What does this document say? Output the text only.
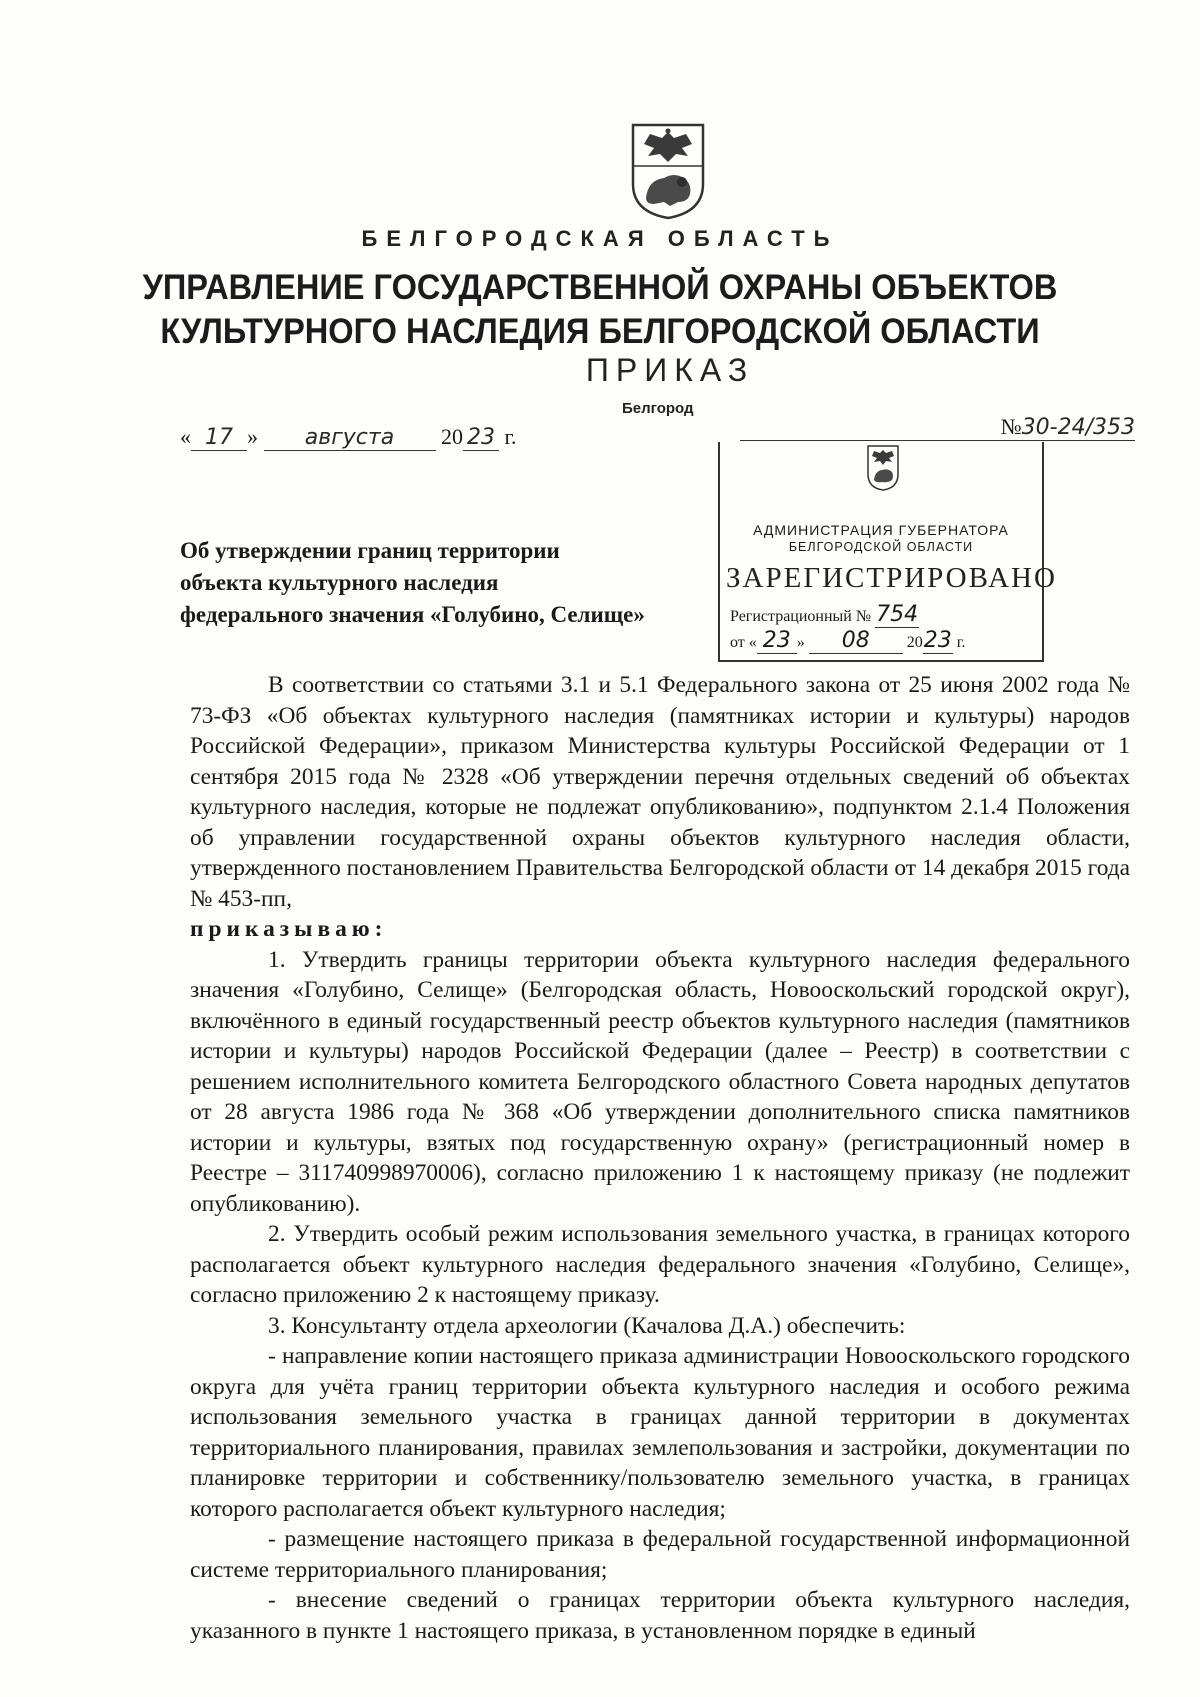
БЕЛГОРОДСКАЯ ОБЛАСТЬ
УПРАВЛЕНИЕ ГОСУДАРСТВЕННОЙ ОХРАНЫ ОБЪЕКТОВ
КУЛЬТУРНОГО НАСЛЕДИЯ БЕЛГОРОДСКОЙ ОБЛАСТИ
ПРИКАЗ
Белгород
« 17 » августа 20 23 г.	№30-24/353
Об утверждении границ территории
объекта культурного наследия
федерального значения «Голубино, Селище»
АДМИНИСТРАЦИЯ ГУБЕРНАТОРА
БЕЛГОРОДСКОЙ ОБЛАСТИ
ЗАРЕГИСТРИРОВАНО
Регистрационный № 754
от « 23 » 08 2023 г.

В соответствии со статьями 3.1 и 5.1 Федерального закона от 25 июня 2002 года № 73-ФЗ «Об объектах культурного наследия (памятниках истории и культуры) народов Российской Федерации», приказом Министерства культуры Российской Федерации от 1 сентября 2015 года № 2328 «Об утверждении перечня отдельных сведений об объектах культурного наследия, которые не подлежат опубликованию», подпунктом 2.1.4 Положения об управлении государственной охраны объектов культурного наследия области, утвержденного постановлением Правительства Белгородской области от 14 декабря 2015 года № 453-пп,

приказываю:

1. Утвердить границы территории объекта культурного наследия федерального значения «Голубино, Селище» (Белгородская область, Новооскольский городской округ), включённого в единый государственный реестр объектов культурного наследия (памятников истории и культуры) народов Российской Федерации (далее – Реестр) в соответствии с решением исполнительного комитета Белгородского областного Совета народных депутатов от 28 августа 1986 года № 368 «Об утверждении дополнительного списка памятников истории и культуры, взятых под государственную охрану» (регистрационный номер в Реестре – 311740998970006), согласно приложению 1 к настоящему приказу (не подлежит опубликованию).

2. Утвердить особый режим использования земельного участка, в границах которого располагается объект культурного наследия федерального значения «Голубино, Селище», согласно приложению 2 к настоящему приказу.

3. Консультанту отдела археологии (Качалова Д.А.) обеспечить:

- направление копии настоящего приказа администрации Новооскольского городского округа для учёта границ территории объекта культурного наследия и особого режима использования земельного участка в границах данной территории в документах территориального планирования, правилах землепользования и застройки, документации по планировке территории и собственнику/пользователю земельного участка, в границах которого располагается объект культурного наследия;

- размещение настоящего приказа в федеральной государственной информационной системе территориального планирования;

- внесение сведений о границах территории объекта культурного наследия, указанного в пункте 1 настоящего приказа, в установленном порядке в единый
